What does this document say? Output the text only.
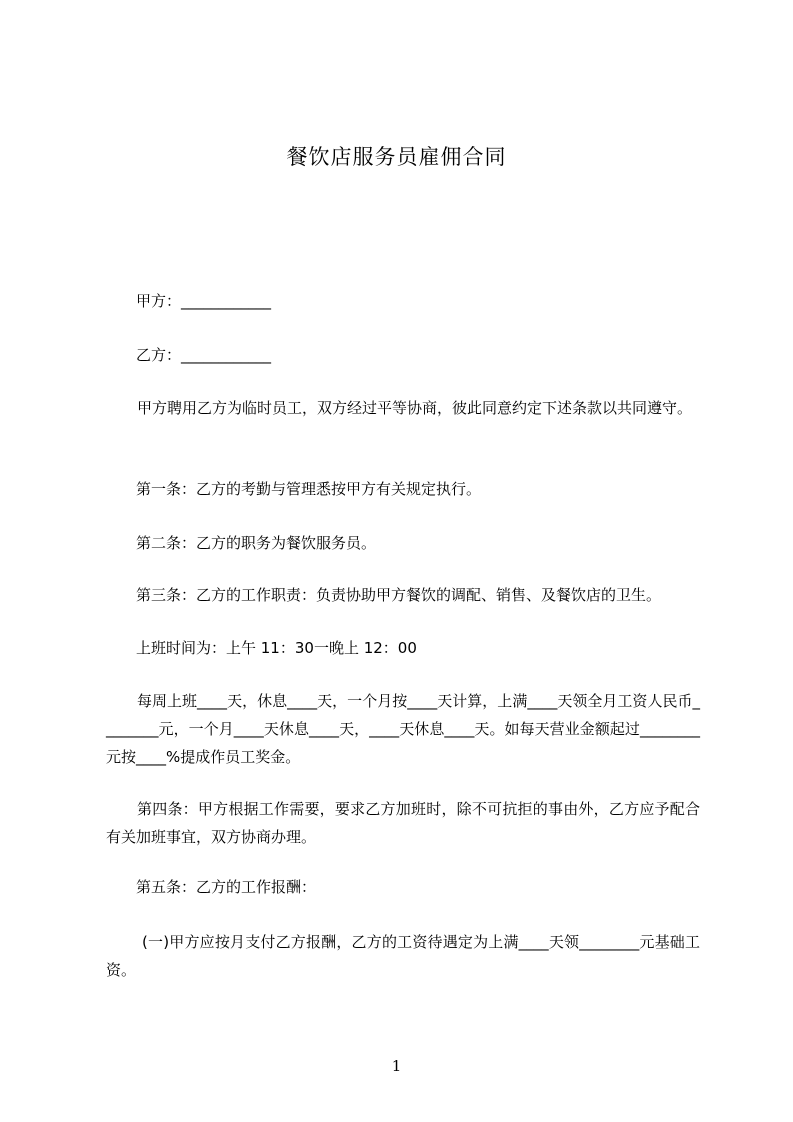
餐饮店服务员雇佣合同
甲方：____________
乙方：____________
甲方聘用乙方为临时员工，双方经过平等协商，彼此同意约定下述条款以共同遵守。
第一条：乙方的考勤与管理悉按甲方有关规定执行。
第二条：乙方的职务为餐饮服务员。
第三条：乙方的工作职责：负责协助甲方餐饮的调配、销售、及餐饮店的卫生。
上班时间为：上午 11：30一晚上 12：00
每周上班____天，休息____天，一个月按____天计算，上满____天领全月工资人民币________元，一个月____天休息____天，____天休息____天。如每天营业金额起过________元按____%提成作员工奖金。
第四条：甲方根据工作需要，要求乙方加班时，除不可抗拒的事由外，乙方应予配合有关加班事宜，双方协商办理。
第五条：乙方的工作报酬：
(一)甲方应按月支付乙方报酬，乙方的工资待遇定为上满____天领________元基础工资。
1
